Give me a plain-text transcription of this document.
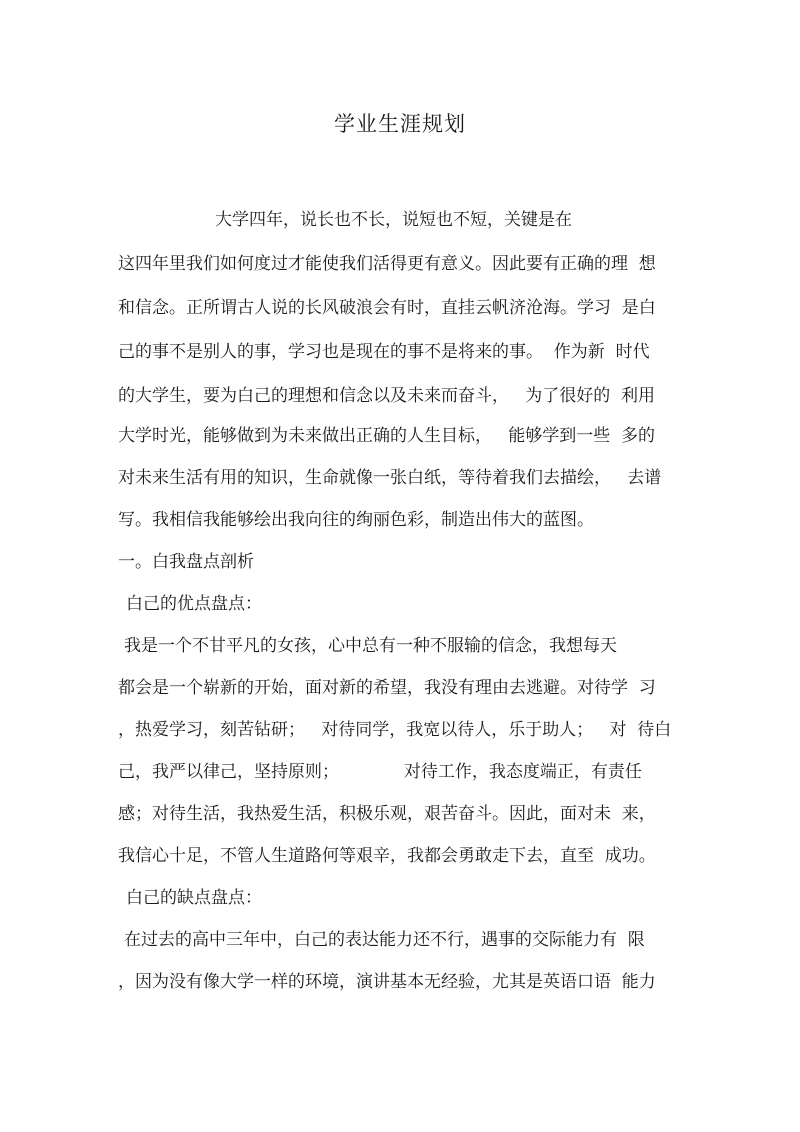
学业生涯规划
大学四年，说长也不长，说短也不短，关键是在
这四年里我们如何度过才能使我们活得更有意义。因此要有正确的理  想
和信念。正所谓古人说的长风破浪会有时，直挂云帆济沧海。学习  是白
己的事不是别人的事，学习也是现在的事不是将来的事。  作为新  时代
的大学生，要为白己的理想和信念以及未来而奋斗，   为了很好的  利用
大学时光，能够做到为未来做出正确的人生目标，   能够学到一些  多的
对未来生活有用的知识，生命就像一张白纸，等待着我们去描绘，   去谱
写。我相信我能够绘出我向往的绚丽色彩，制造出伟大的蓝图。
一。白我盘点剖析
白己的优点盘点：
我是一个不甘平凡的女孩，心中总有一种不服输的信念，我想每天
都会是一个崭新的开始，面对新的希望，我没有理由去逃避。对待学  习
，热爱学习，刻苦钻研；   对待同学，我宽以待人，乐于助人；   对  待白
己，我严以律己，坚持原则；            对待工作，我态度端正，有责任
感；对待生活，我热爱生活，积极乐观，艰苦奋斗。因此，面对未  来，
我信心十足，不管人生道路何等艰辛，我都会勇敢走下去，直至  成功。
白己的缺点盘点：
在过去的高中三年中，白己的表达能力还不行，遇事的交际能力有  限
，因为没有像大学一样的环境，演讲基本无经验，尤其是英语口语  能力
